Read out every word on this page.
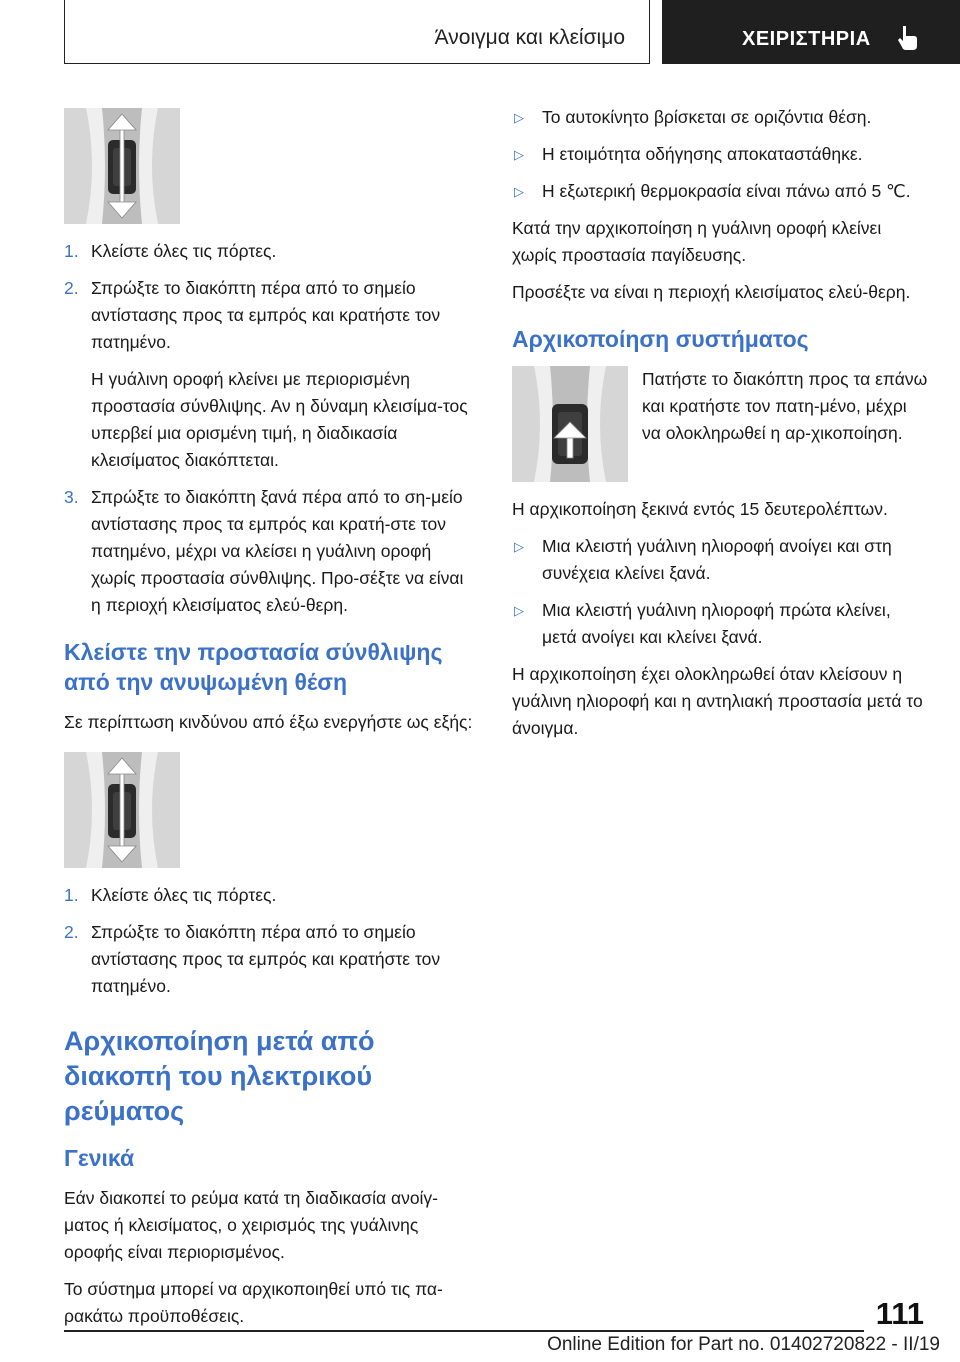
Άνοιγμα και κλείσιμο	ΧΕΙΡΙΣΤΗΡΙΑ
1. Κλείστε όλες τις πόρτες.
2. Σπρώξτε το διακόπτη πέρα από το σημείο αντίστασης προς τα εμπρός και κρατήστε τον πατημένο.
Η γυάλινη οροφή κλείνει με περιορισμένη προστασία σύνθλιψης. Αν η δύναμη κλεισίμα‐τος υπερβεί μια ορισμένη τιμή, η διαδικασία κλεισίματος διακόπτεται.
3. Σπρώξτε το διακόπτη ξανά πέρα από το ση‐μείο αντίστασης προς τα εμπρός και κρατή‐στε τον πατημένο, μέχρι να κλείσει η γυάλινη οροφή χωρίς προστασία σύνθλιψης. Προ‐σέξτε να είναι η περιοχή κλεισίματος ελεύ‐θερη.
Κλείστε την προστασία σύνθλιψης από την ανυψωμένη θέση

Σε περίπτωση κινδύνου από έξω ενεργήστε ως εξής:

1. Κλείστε όλες τις πόρτες.
2. Σπρώξτε το διακόπτη πέρα από το σημείο αντίστασης προς τα εμπρός και κρατήστε τον πατημένο.
Αρχικοποίηση μετά από διακοπή του ηλεκτρικού ρεύματος
Γενικά

Εάν διακοπεί το ρεύμα κατά τη διαδικασία ανοίγ‐ματος ή κλεισίματος, ο χειρισμός της γυάλινης οροφής είναι περιορισμένος.

Το σύστημα μπορεί να αρχικοποιηθεί υπό τις πα‐ρακάτω προϋποθέσεις.

▷ Το αυτοκίνητο βρίσκεται σε οριζόντια θέση.
▷ Η ετοιμότητα οδήγησης αποκαταστάθηκε.
▷ Η εξωτερική θερμοκρασία είναι πάνω από 5 ℃.

Κατά την αρχικοποίηση η γυάλινη οροφή κλείνει χωρίς προστασία παγίδευσης.

Προσέξτε να είναι η περιοχή κλεισίματος ελεύ‐θερη.

Αρχικοποίηση συστήματος

Πατήστε το διακόπτη προς τα επάνω και κρατήστε τον πατη‐μένο, μέχρι να ολοκληρωθεί η αρ‐χικοποίηση.

Η αρχικοποίηση ξεκινά εντός 15 δευτερολέπτων.

▷ Μια κλειστή γυάλινη ηλιοροφή ανοίγει και στη συνέχεια κλείνει ξανά.
▷ Μια κλειστή γυάλινη ηλιοροφή πρώτα κλείνει, μετά ανοίγει και κλείνει ξανά.

Η αρχικοποίηση έχει ολοκληρωθεί όταν κλείσουν η γυάλινη ηλιοροφή και η αντηλιακή προστασία μετά το άνοιγμα.

111
Online Edition for Part no. 01402720822 - II/19
